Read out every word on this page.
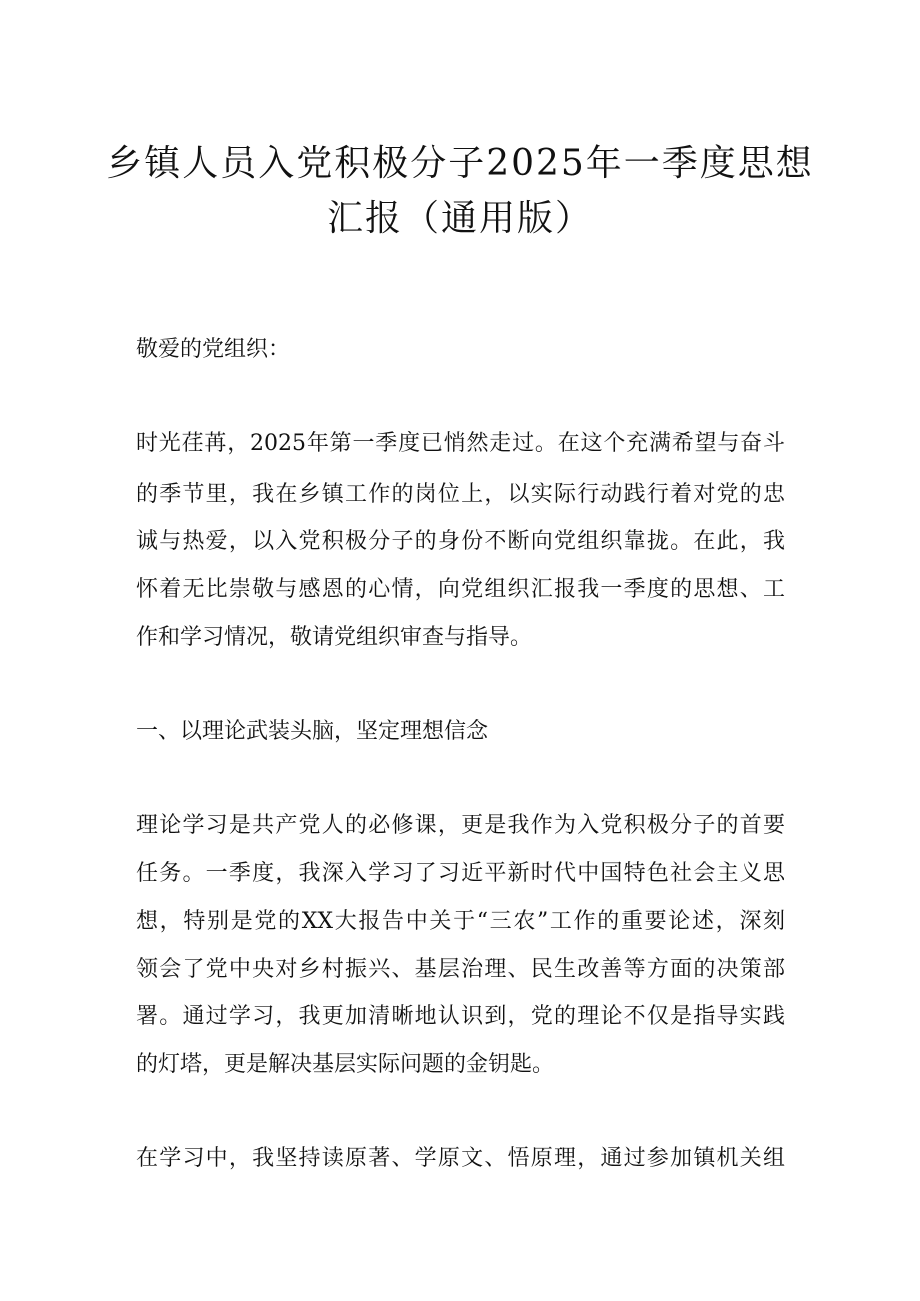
乡镇人员入党积极分子2025年一季度思想
汇报（通用版）

敬爱的党组织：

时光荏苒，2025年第一季度已悄然走过。在这个充满希望与奋斗

的季节里，我在乡镇工作的岗位上，以实际行动践行着对党的忠

诚与热爱，以入党积极分子的身份不断向党组织靠拢。在此，我

怀着无比崇敬与感恩的心情，向党组织汇报我一季度的思想、工

作和学习情况，敬请党组织审查与指导。

一、以理论武装头脑，坚定理想信念

理论学习是共产党人的必修课，更是我作为入党积极分子的首要

任务。一季度，我深入学习了习近平新时代中国特色社会主义思

想，特别是党的XX大报告中关于“三农”工作的重要论述，深刻

领会了党中央对乡村振兴、基层治理、民生改善等方面的决策部

署。通过学习，我更加清晰地认识到，党的理论不仅是指导实践

的灯塔，更是解决基层实际问题的金钥匙。

在学习中，我坚持读原著、学原文、悟原理，通过参加镇机关组
